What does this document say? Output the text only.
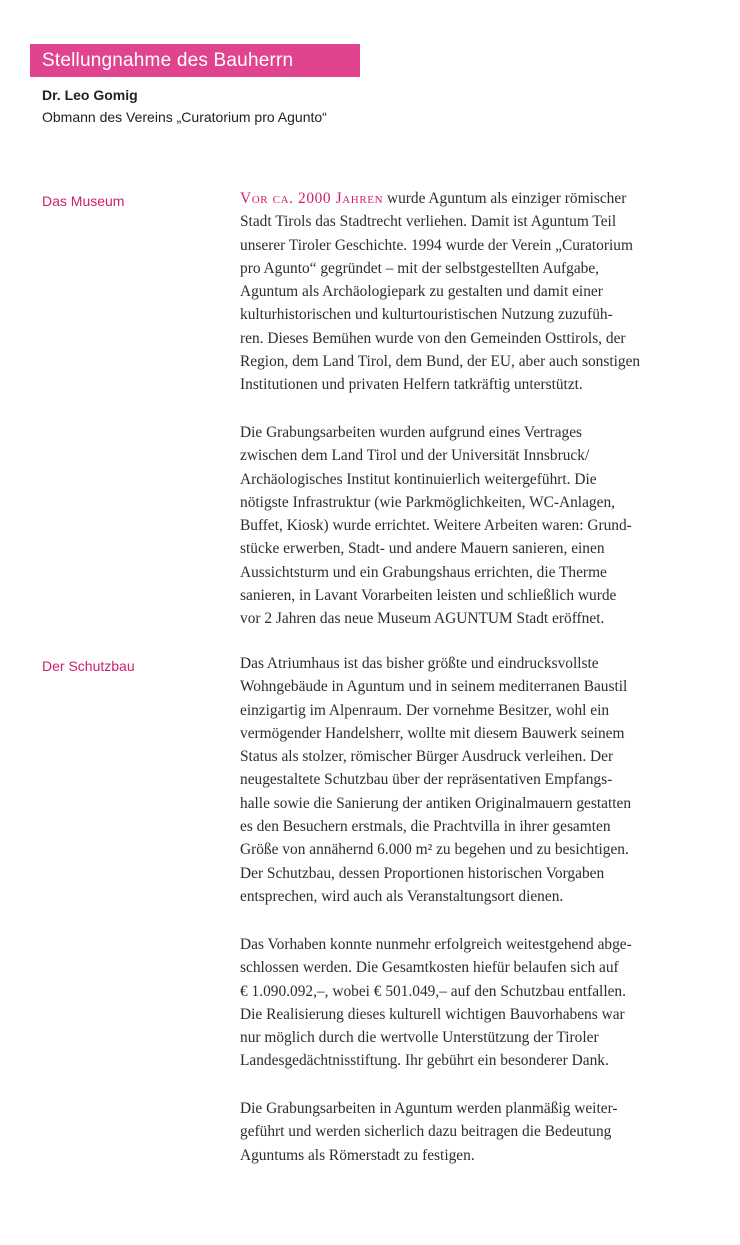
Stellungnahme des Bauherrn
Dr. Leo Gomig
Obmann des Vereins „Curatorium pro Agunto“
Das Museum	Vor ca. 2000 Jahren wurde Aguntum als einziger römischer
Stadt Tirols das Stadtrecht verliehen. Damit ist Aguntum Teil
unserer Tiroler Geschichte. 1994 wurde der Verein „Curatorium
pro Agunto“ gegründet – mit der selbstgestellten Aufgabe,
Aguntum als Archäologiepark zu gestalten und damit einer
kulturhistorischen und kulturtouristischen Nutzung zuzufüh-
ren. Dieses Bemühen wurde von den Gemeinden Osttirols, der
Region, dem Land Tirol, dem Bund, der EU, aber auch sonstigen
Institutionen und privaten Helfern tatkräftig unterstützt.

Die Grabungsarbeiten wurden aufgrund eines Vertrages
zwischen dem Land Tirol und der Universität Innsbruck/
Archäologisches Institut kontinuierlich weitergeführt. Die
nötigste Infrastruktur (wie Parkmöglichkeiten, WC-Anlagen,
Buffet, Kiosk) wurde errichtet. Weitere Arbeiten waren: Grund-
stücke erwerben, Stadt- und andere Mauern sanieren, einen
Aussichtsturm und ein Grabungshaus errichten, die Therme
sanieren, in Lavant Vorarbeiten leisten und schließlich wurde
vor 2 Jahren das neue Museum AGUNTUM Stadt eröffnet.

Der Schutzbau	Das Atriumhaus ist das bisher größte und eindrucksvollste
Wohngebäude in Aguntum und in seinem mediterranen Baustil
einzigartig im Alpenraum. Der vornehme Besitzer, wohl ein
vermögender Handelsherr, wollte mit diesem Bauwerk seinem
Status als stolzer, römischer Bürger Ausdruck verleihen. Der
neugestaltete Schutzbau über der repräsentativen Empfangs-
halle sowie die Sanierung der antiken Originalmauern gestatten
es den Besuchern erstmals, die Prachtvilla in ihrer gesamten
Größe von annähernd 6.000 m² zu begehen und zu besichtigen.
Der Schutzbau, dessen Proportionen historischen Vorgaben
entsprechen, wird auch als Veranstaltungsort dienen.

Das Vorhaben konnte nunmehr erfolgreich weitestgehend abge-
schlossen werden. Die Gesamtkosten hiefür belaufen sich auf
€ 1.090.092,–, wobei € 501.049,– auf den Schutzbau entfallen.
Die Realisierung dieses kulturell wichtigen Bauvorhabens war
nur möglich durch die wertvolle Unterstützung der Tiroler
Landesgedächtnisstiftung. Ihr gebührt ein besonderer Dank.

Die Grabungsarbeiten in Aguntum werden planmäßig weiter-
geführt und werden sicherlich dazu beitragen die Bedeutung
Aguntums als Römerstadt zu festigen.
